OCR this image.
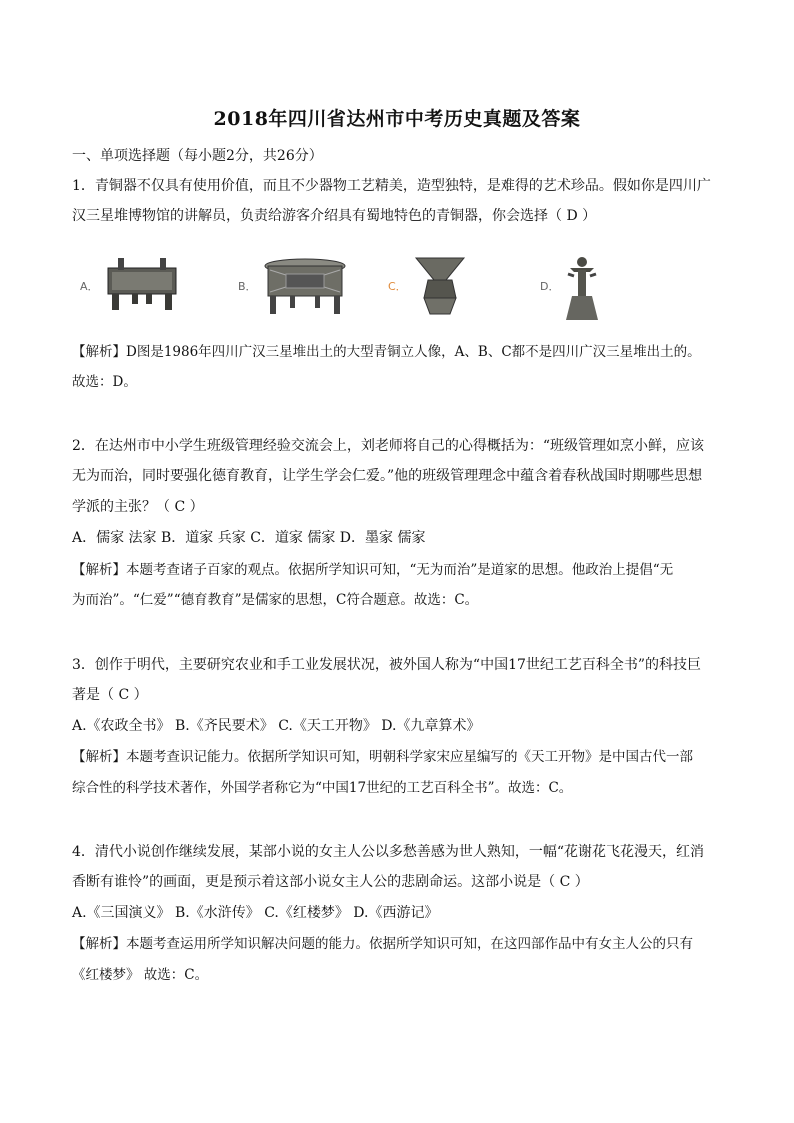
2018年四川省达州市中考历史真题及答案
一、单项选择题（每小题2分，共26分）
1．青铜器不仅具有使用价值，而且不少器物工艺精美，造型独特，是难得的艺术珍品。假如你是四川广
汉三星堆博物馆的讲解员，负责给游客介绍具有蜀地特色的青铜器，你会选择（ D ）
A．	B．	C．	D．
【解析】D图是1986年四川广汉三星堆出土的大型青铜立人像，A、B、C都不是四川广汉三星堆出土的。
故选：D。
2．在达州市中小学生班级管理经验交流会上，刘老师将自己的心得概括为：“班级管理如烹小鲜，应该
无为而治，同时要强化德育教育，让学生学会仁爱。”他的班级管理理念中蕴含着春秋战国时期哪些思想
学派的主张？（ C ）
A．儒家 法家 B．道家 兵家 C．道家 儒家 D．墨家 儒家
【解析】本题考查诸子百家的观点。依据所学知识可知，“无为而治”是道家的思想。他政治上提倡“无
为而治”。“仁爱”“德育教育”是儒家的思想，C符合题意。故选：C。
3．创作于明代，主要研究农业和手工业发展状况，被外国人称为“中国17世纪工艺百科全书”的科技巨
著是（ C ）
A.《农政全书》 B.《齐民要术》 C.《天工开物》 D.《九章算术》
【解析】本题考查识记能力。依据所学知识可知，明朝科学家宋应星编写的《天工开物》是中国古代一部
综合性的科学技术著作，外国学者称它为“中国17世纪的工艺百科全书”。故选：C。
4．清代小说创作继续发展，某部小说的女主人公以多愁善感为世人熟知，一幅“花谢花飞花漫天，红消
香断有谁怜”的画面，更是预示着这部小说女主人公的悲剧命运。这部小说是（ C ）
A.《三国演义》 B.《水浒传》 C.《红楼梦》 D.《西游记》
【解析】本题考查运用所学知识解决问题的能力。依据所学知识可知，在这四部作品中有女主人公的只有
《红楼梦》 故选：C。
